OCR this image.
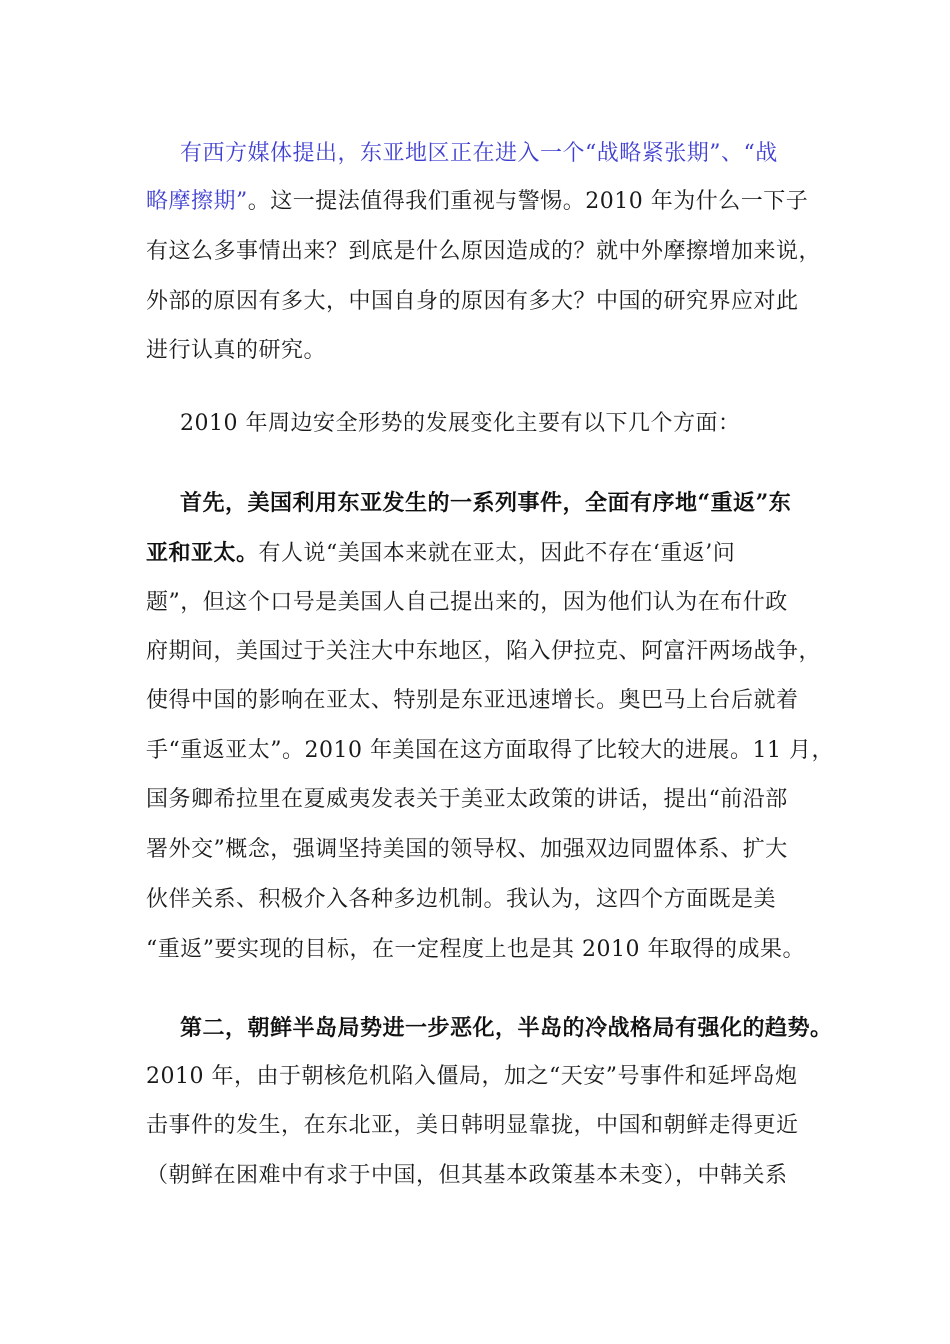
有西方媒体提出，东亚地区正在进入一个“战略紧张期”、“战
略摩擦期”。这一提法值得我们重视与警惕。2010 年为什么一下子
有这么多事情出来？到底是什么原因造成的？就中外摩擦增加来说，
外部的原因有多大，中国自身的原因有多大？中国的研究界应对此
进行认真的研究。
2010 年周边安全形势的发展变化主要有以下几个方面：
首先，美国利用东亚发生的一系列事件，全面有序地“重返”东
亚和亚太。有人说“美国本来就在亚太，因此不存在‘重返’问
题”，但这个口号是美国人自己提出来的，因为他们认为在布什政
府期间，美国过于关注大中东地区，陷入伊拉克、阿富汗两场战争，
使得中国的影响在亚太、特别是东亚迅速增长。奥巴马上台后就着
手“重返亚太”。2010 年美国在这方面取得了比较大的进展。11 月，
国务卿希拉里在夏威夷发表关于美亚太政策的讲话，提出“前沿部
署外交”概念，强调坚持美国的领导权、加强双边同盟体系、扩大
伙伴关系、积极介入各种多边机制。我认为，这四个方面既是美
“重返”要实现的目标，在一定程度上也是其 2010 年取得的成果。
第二，朝鲜半岛局势进一步恶化，半岛的冷战格局有强化的趋势。
2010 年，由于朝核危机陷入僵局，加之“天安”号事件和延坪岛炮
击事件的发生，在东北亚，美日韩明显靠拢，中国和朝鲜走得更近
（朝鲜在困难中有求于中国，但其基本政策基本未变），中韩关系
